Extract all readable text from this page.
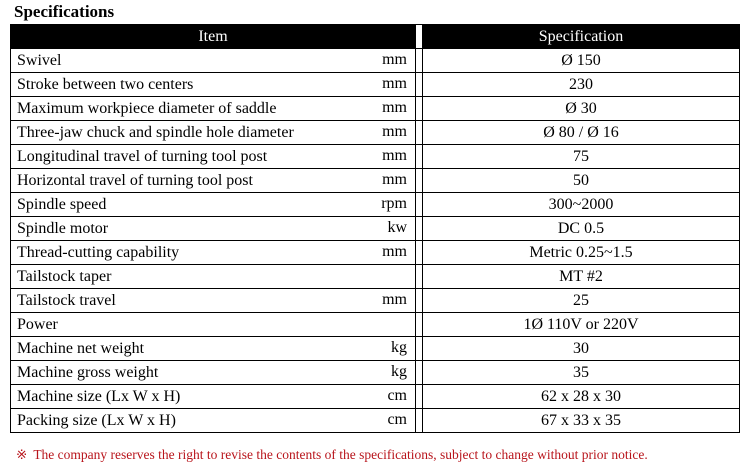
Specifications
Item		Specification
Swivel mm		Ø 150
Stroke between two centers mm		230
Maximum workpiece diameter of saddle mm		Ø 30
Three-jaw chuck and spindle hole diameter mm		Ø 80 / Ø 16
Longitudinal travel of turning tool post mm		75
Horizontal travel of turning tool post mm		50
Spindle speed rpm		300~2000
Spindle motor kw		DC 0.5
Thread-cutting capability mm		Metric 0.25~1.5
Tailstock taper		MT #2
Tailstock travel mm		25
Power		1Ø 110V or 220V
Machine net weight kg		30
Machine gross weight kg		35
Machine size (Lx W x H) cm		62 x 28 x 30
Packing size (Lx W x H) cm		67 x 33 x 35
※ The company reserves the right to revise the contents of the specifications, subject to change without prior notice.
